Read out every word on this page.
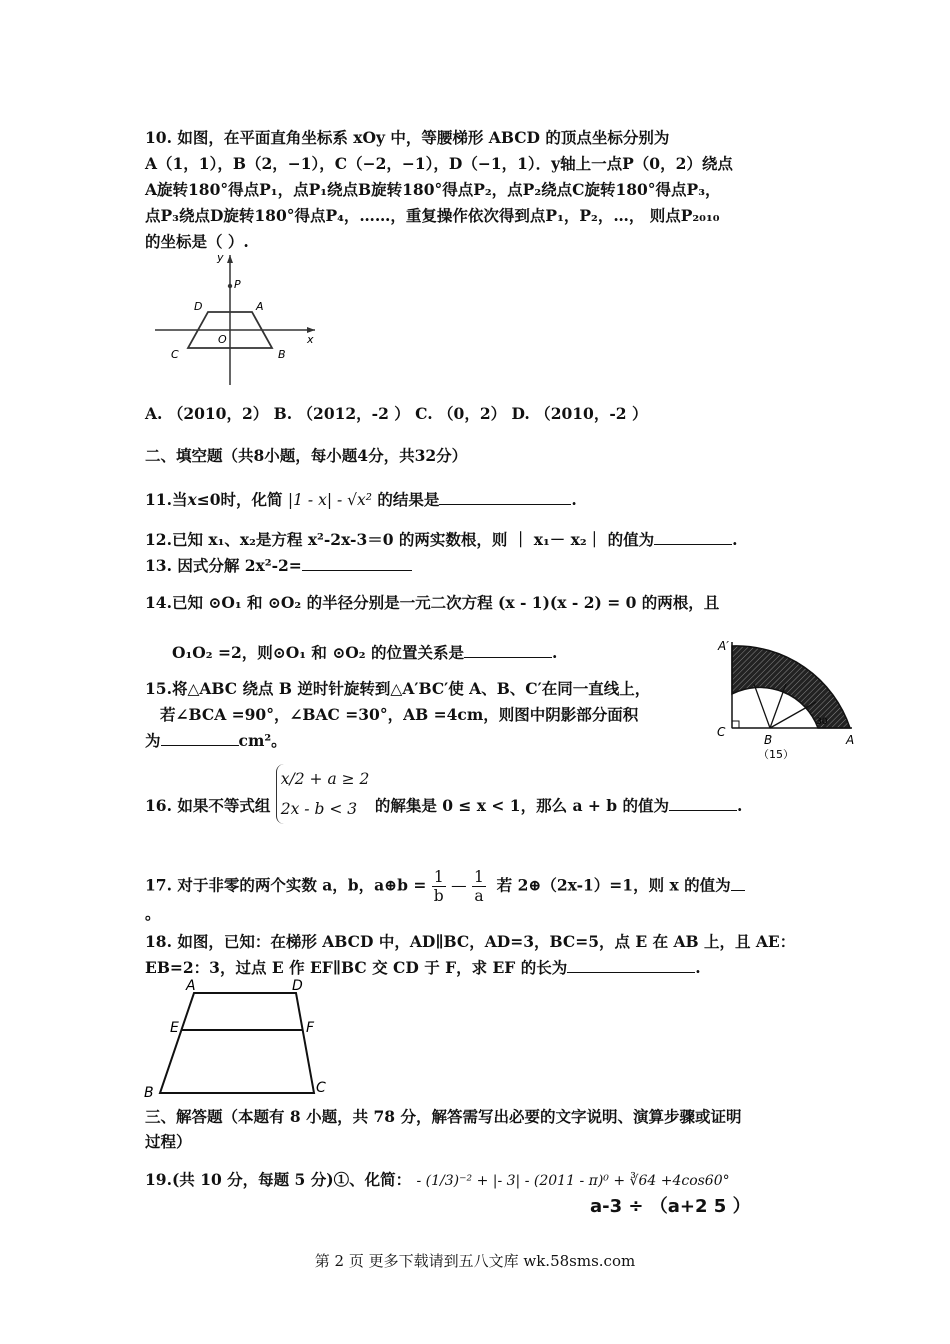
10. 如图，在平面直角坐标系 xOy 中，等腰梯形 ABCD 的顶点坐标分别为
A（1，1），B（2，−1），C（−2，−1），D（−1，1）．y轴上一点P（0，2）绕点
A旋转180°得点P₁，点P₁绕点B旋转180°得点P₂，点P₂绕点C旋转180°得点P₃，
点P₃绕点D旋转180°得点P₄，……，重复操作依次得到点P₁，P₂，…， 则点P₂₀₁₀
的坐标是（ ）.
y
P
D	A
O	x
C	B
A. （2010，2） B. （2012，-2 ） C. （0，2） D. （2010，-2 ）
二、填空题（共8小题，每小题4分，共32分）
11.当x≤0时，化简 |1 - x| - √x² 的结果是	.
12.已知 x₁、x₂是方程 x²-2x-3＝0 的两实数根，则 ｜ x₁－ x₂｜ 的值为	.
13. 因式分解 2x²-2=
14.已知 ⊙O₁ 和 ⊙O₂ 的半径分别是一元二次方程 (x - 1)(x - 2) = 0 的两根，且
O₁O₂ =2，则⊙O₁ 和 ⊙O₂ 的位置关系是	.
15.将△ABC 绕点 B 逆时针旋转到△A′BC′使 A、B、C′在同一直线上，
若∠BCA =90°，∠BAC =30°，AB =4cm，则图中阴影部分面积
为	cm²。
A′
C
B	A
30
（15）
16. 如果不等式组
x/2 + a ≥ 2
2x - b < 3	的解集是 0 ≤ x < 1，那么 a + b 的值为	.
17. 对于非零的两个实数 a，b，a⊕b = $\frac{1}{b}$ — $\frac{1}{a}$ 若 2⊕（2x-1）=1，则 x 的值为
。
18. 如图，已知：在梯形 ABCD 中，AD∥BC，AD=3，BC=5，点 E 在 AB 上，且 AE：
EB=2：3，过点 E 作 EF∥BC 交 CD 于 F，求 EF 的长为	.
A	D
E	F
B	C
三、解答题（本题有 8 小题，共 78 分，解答需写出必要的文字说明、演算步骤或证明
过程）
19.(共 10 分，每题 5 分)①、化简： - (1/3)⁻² + |- 3| - (2011 - π)⁰ + ∛64 +4cos60°
a-3 ÷ （a+2 5 ）
第 2 页 更多下载请到五八文库 wk.58sms.com
